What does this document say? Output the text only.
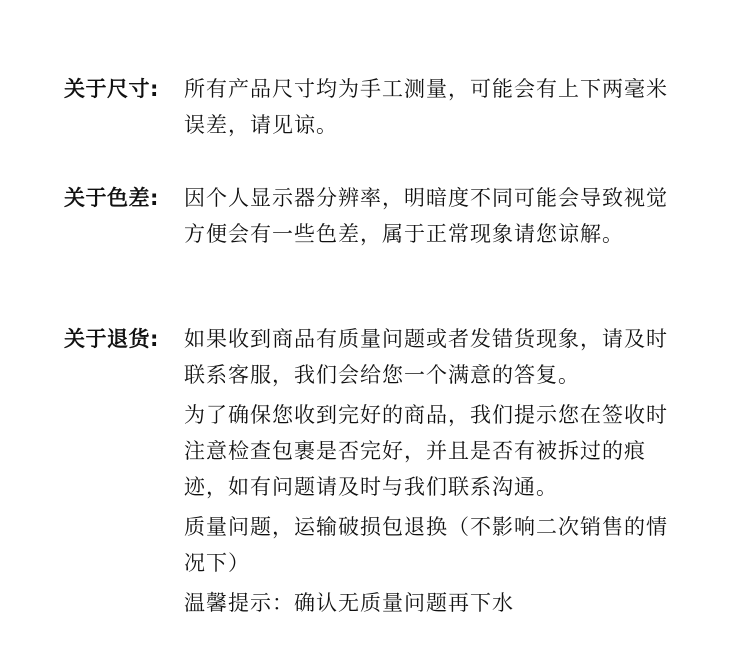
关于尺寸: 所有产品尺寸均为手工测量，可能会有上下两毫米误差，请见谅。

关于色差: 因个人显示器分辨率，明暗度不同可能会导致视觉方便会有一些色差，属于正常现象请您谅解。

关于退货: 如果收到商品有质量问题或者发错货现象，请及时联系客服，我们会给您一个满意的答复。

为了确保您收到完好的商品，我们提示您在签收时注意检查包裹是否完好，并且是否有被拆过的痕迹，如有问题请及时与我们联系沟通。

质量问题，运输破损包退换（不影响二次销售的情况下）

温馨提示：确认无质量问题再下水
